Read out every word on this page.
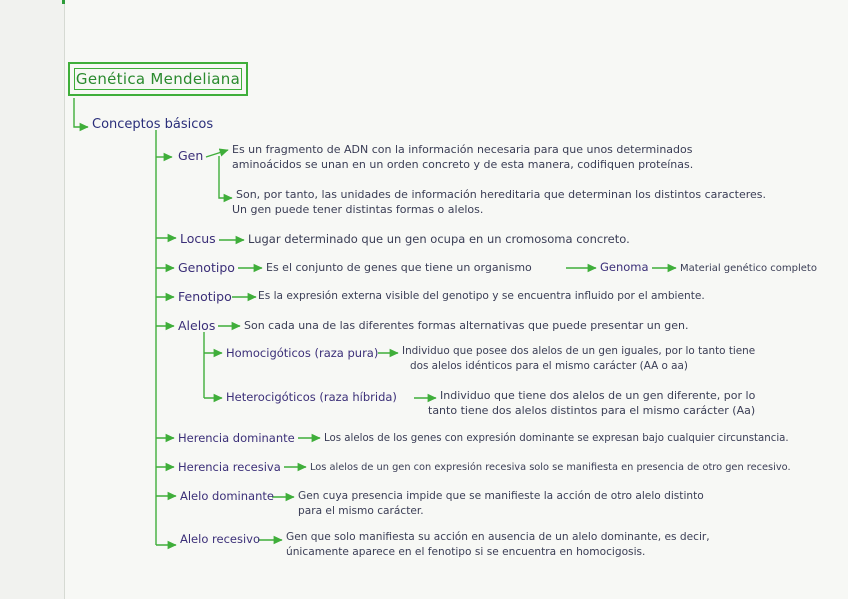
Genética Mendeliana
Conceptos básicos
Gen	Es un fragmento de ADN con la información necesaria para que unos determinados
aminoácidos se unan en un orden concreto y de esta manera, codifiquen proteínas.
Son, por tanto, las unidades de información hereditaria que determinan los distintos caracteres.
Un gen puede tener distintas formas o alelos.
Locus	Lugar determinado que un gen ocupa en un cromosoma concreto.
Genotipo	Es el conjunto de genes que tiene un organismo	Genoma	Material genético completo
Fenotipo Es la expresión externa visible del genotipo y se encuentra influido por el ambiente.
Alelos	Son cada una de las diferentes formas alternativas que puede presentar un gen.
Homocigóticos (raza pura) Individuo que posee dos alelos de un gen iguales, por lo tanto tiene
dos alelos idénticos para el mismo carácter (AA o aa)
Heterocigóticos (raza híbrida)	Individuo que tiene dos alelos de un gen diferente, por lo
tanto tiene dos alelos distintos para el mismo carácter (Aa)
Herencia dominante	Los alelos de los genes con expresión dominante se expresan bajo cualquier circunstancia.
Herencia recesiva	Los alelos de un gen con expresión recesiva solo se manifiesta en presencia de otro gen recesivo.
Alelo dominante Gen cuya presencia impide que se manifieste la acción de otro alelo distinto
para el mismo carácter.
Alelo recesivo Gen que solo manifiesta su acción en ausencia de un alelo dominante, es decir,
únicamente aparece en el fenotipo si se encuentra en homocigosis.
